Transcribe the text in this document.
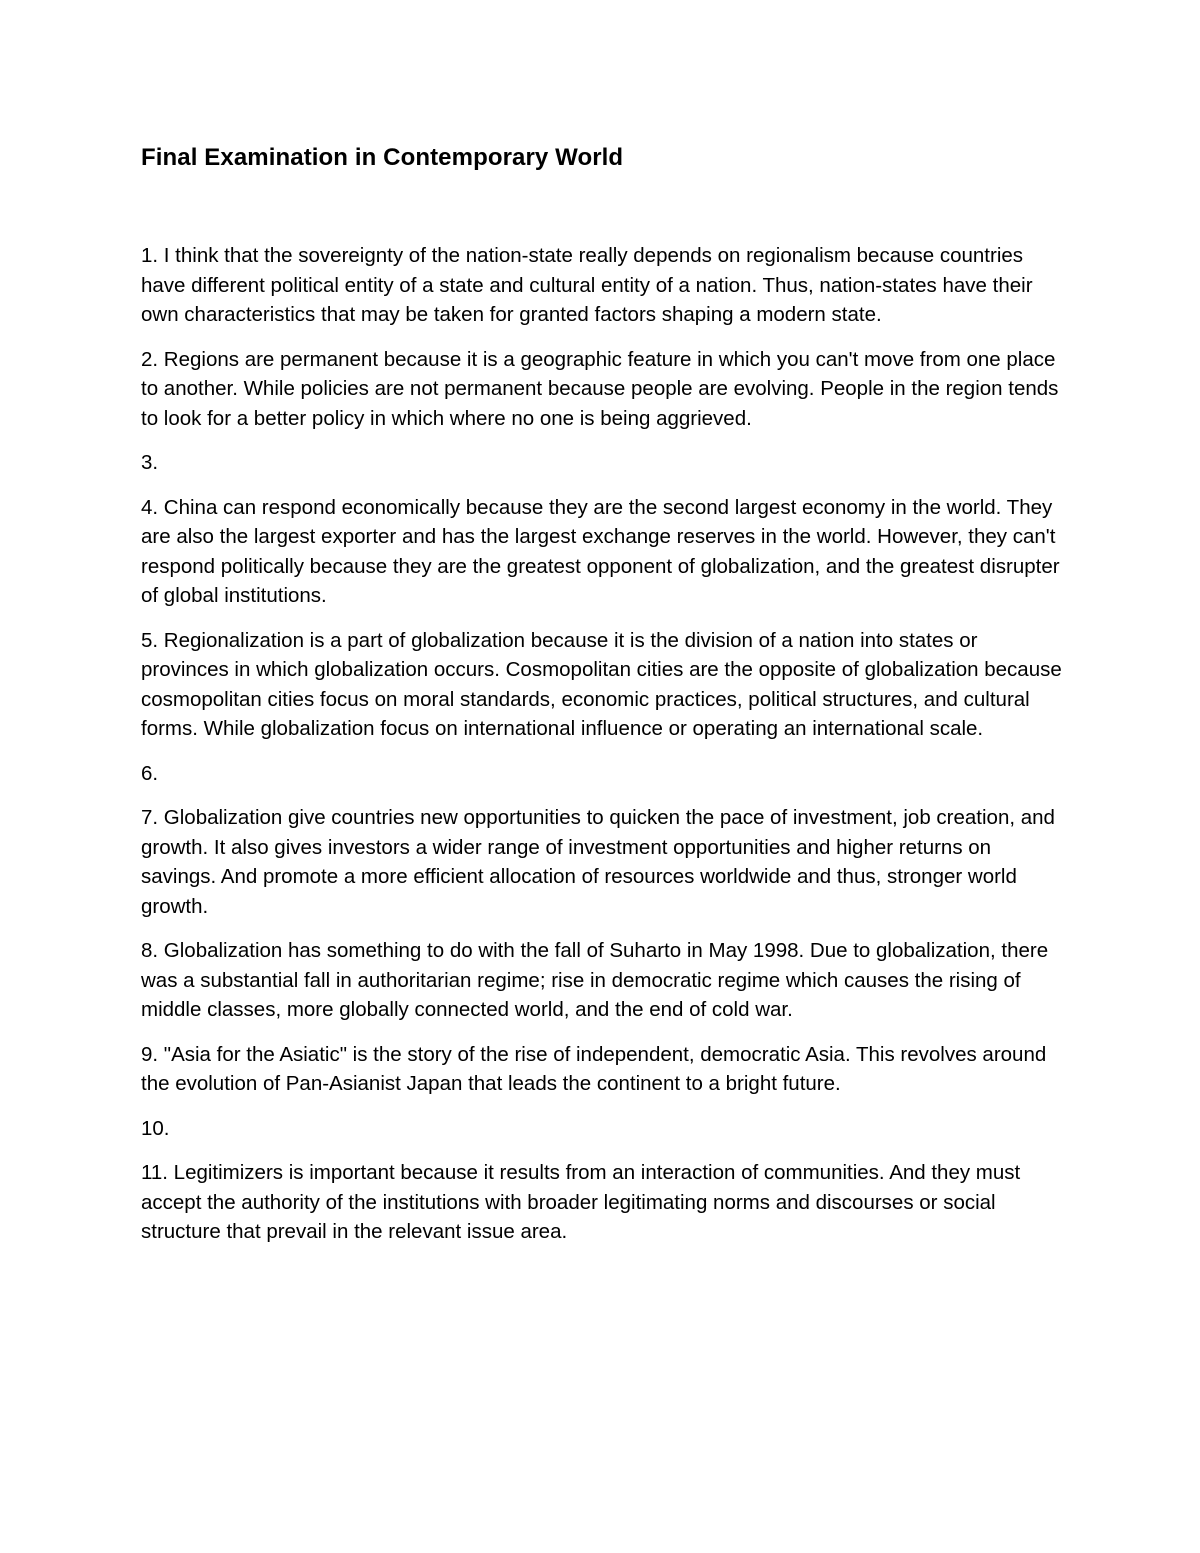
Final Examination in Contemporary World

1. I think that the sovereignty of the nation-state really depends on regionalism because countries have different political entity of a state and cultural entity of a nation. Thus, nation-states have their own characteristics that may be taken for granted factors shaping a modern state.

2. Regions are permanent because it is a geographic feature in which you can't move from one place to another. While policies are not permanent because people are evolving. People in the region tends to look for a better policy in which where no one is being aggrieved.

3.

4. China can respond economically because they are the second largest economy in the world. They are also the largest exporter and has the largest exchange reserves in the world. However, they can't respond politically because they are the greatest opponent of globalization, and the greatest disrupter of global institutions.

5. Regionalization is a part of globalization because it is the division of a nation into states or provinces in which globalization occurs. Cosmopolitan cities are the opposite of globalization because cosmopolitan cities focus on moral standards, economic practices, political structures, and cultural forms. While globalization focus on international influence or operating an international scale.

6.

7. Globalization give countries new opportunities to quicken the pace of investment, job creation, and growth. It also gives investors a wider range of investment opportunities and higher returns on savings. And promote a more efficient allocation of resources worldwide and thus, stronger world growth.

8. Globalization has something to do with the fall of Suharto in May 1998. Due to globalization, there was a substantial fall in authoritarian regime; rise in democratic regime which causes the rising of middle classes, more globally connected world, and the end of cold war.

9. "Asia for the Asiatic" is the story of the rise of independent, democratic Asia. This revolves around the evolution of Pan-Asianist Japan that leads the continent to a bright future.

10.

11. Legitimizers is important because it results from an interaction of communities. And they must accept the authority of the institutions with broader legitimating norms and discourses or social structure that prevail in the relevant issue area.
